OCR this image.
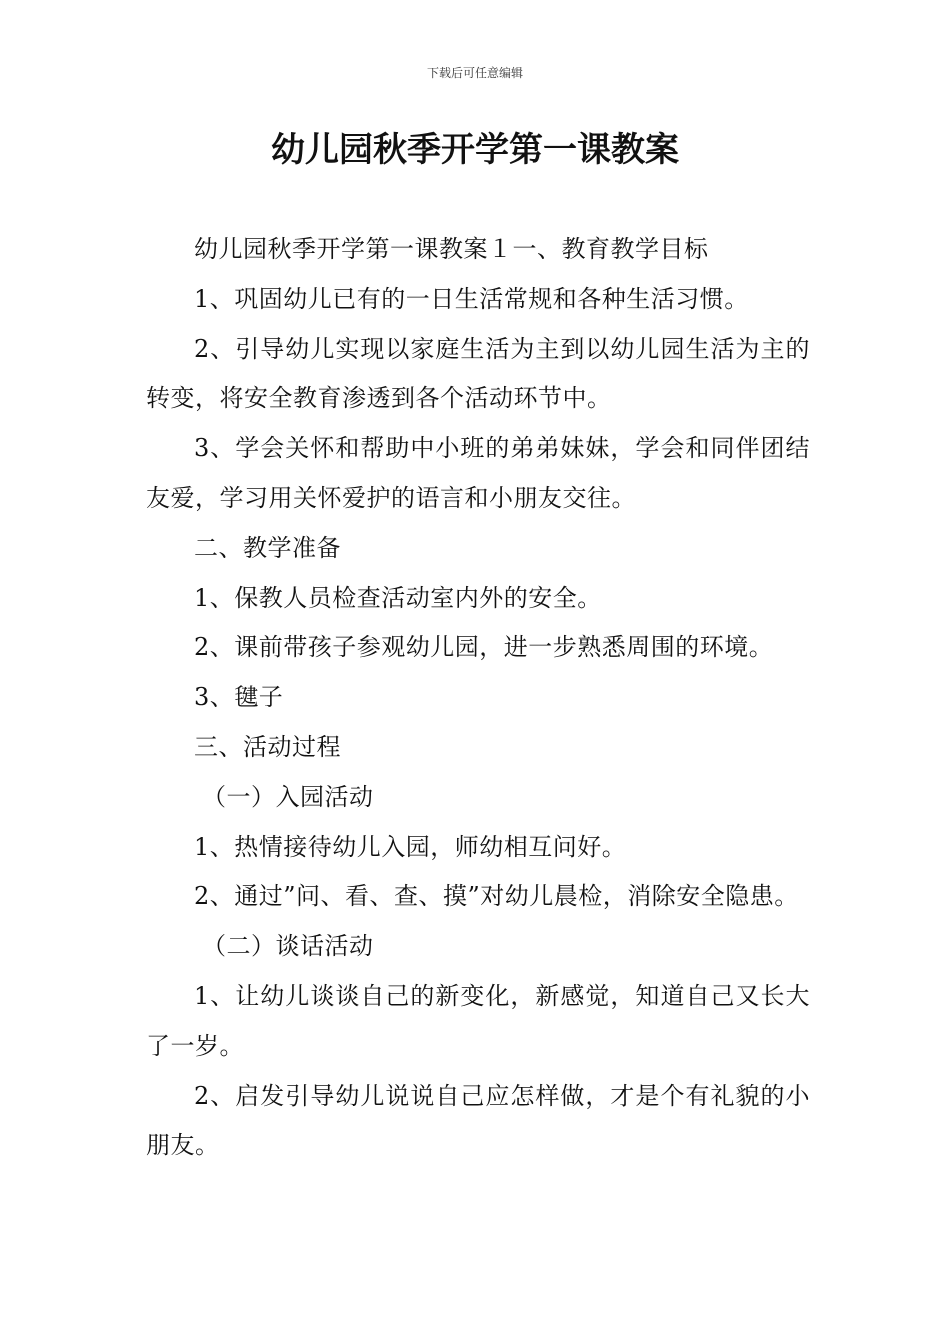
下载后可任意编辑
幼儿园秋季开学第一课教案

幼儿园秋季开学第一课教案１一、教育教学目标

1、巩固幼儿已有的一日生活常规和各种生活习惯。

2、引导幼儿实现以家庭生活为主到以幼儿园生活为主的转变，将安全教育渗透到各个活动环节中。

3、学会关怀和帮助中小班的弟弟妹妹，学会和同伴团结友爱，学习用关怀爱护的语言和小朋友交往。

二、教学准备

1、保教人员检查活动室内外的安全。

2、课前带孩子参观幼儿园，进一步熟悉周围的环境。

3、毽子

三、活动过程

（一）入园活动

1、热情接待幼儿入园，师幼相互问好。

2、通过”问、看、查、摸”对幼儿晨检，消除安全隐患。

（二）谈话活动

1、让幼儿谈谈自己的新变化，新感觉，知道自己又长大了一岁。

2、启发引导幼儿说说自己应怎样做，才是个有礼貌的小朋友。
